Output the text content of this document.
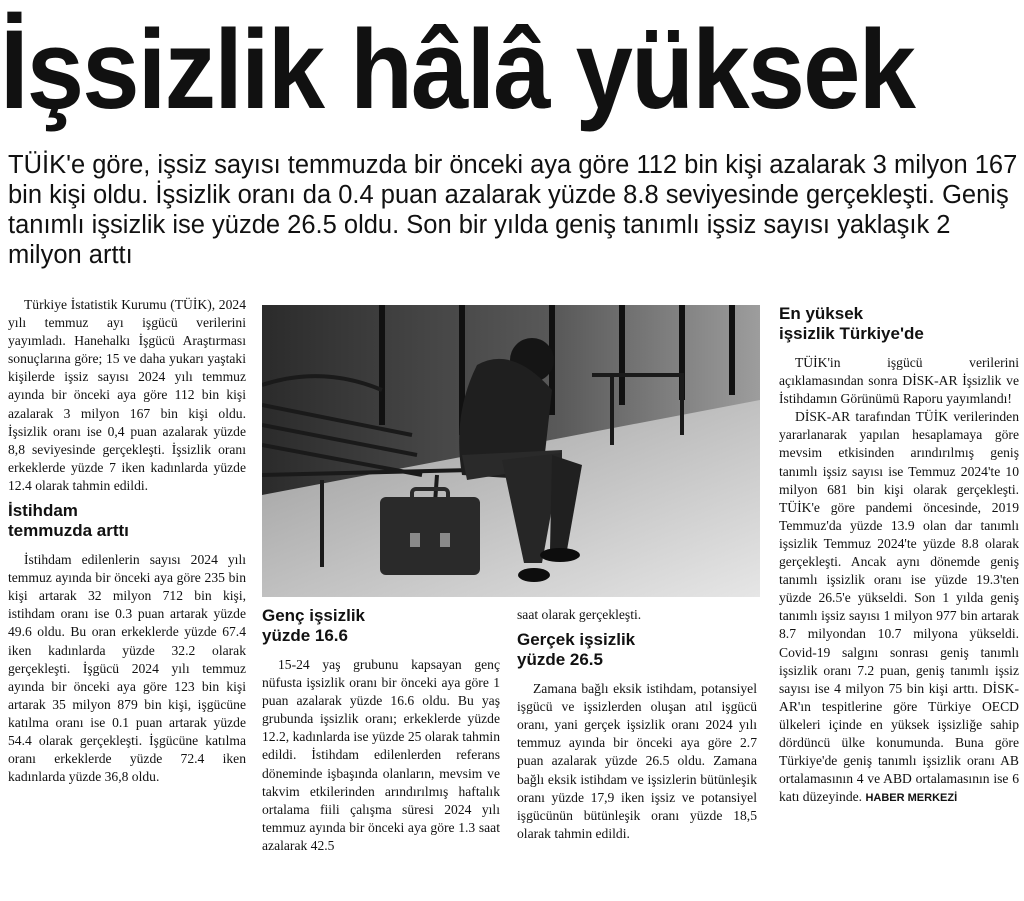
İşsizlik hâlâ yüksek

TÜİK'e göre, işsiz sayısı temmuzda bir önceki aya göre 112 bin kişi azalarak 3 milyon 167 bin kişi oldu. İşsizlik oranı da 0.4 puan azalarak yüzde 8.8 seviyesinde gerçekleşti. Geniş tanımlı işsizlik ise yüzde 26.5 oldu. Son bir yılda geniş tanımlı işsiz sayısı yaklaşık 2 milyon arttı

Türkiye İstatistik Kurumu (TÜİK), 2024 yılı temmuz ayı işgücü verilerini yayımladı. Hanehalkı İşgücü Araştırması sonuçlarına göre; 15 ve daha yukarı yaştaki kişilerde işsiz sayısı 2024 yılı temmuz ayında bir önceki aya göre 112 bin kişi azalarak 3 milyon 167 bin kişi oldu. İşsizlik oranı ise 0,4 puan azalarak yüzde 8,8 seviyesinde gerçekleşti. İşsizlik oranı erkeklerde yüzde 7 iken kadınlarda yüzde 12.4 olarak tahmin edildi.

İstihdam
temmuzda arttı

İstihdam edilenlerin sayısı 2024 yılı temmuz ayında bir önceki aya göre 235 bin kişi artarak 32 milyon 712 bin kişi, istihdam oranı ise 0.3 puan artarak yüzde 49.6 oldu. Bu oran erkeklerde yüzde 67.4 iken kadınlarda yüzde 32.2 olarak gerçekleşti. İşgücü 2024 yılı temmuz ayında bir önceki aya göre 123 bin kişi artarak 35 milyon 879 bin kişi, işgücüne katılma oranı ise 0.1 puan artarak yüzde 54.4 olarak gerçekleşti. İşgücüne katılma oranı erkeklerde yüzde 72.4 iken kadınlarda yüzde 36,8 oldu.

Genç işsizlik
yüzde 16.6

15-24 yaş grubunu kapsayan genç nüfusta işsizlik oranı bir önceki aya göre 1 puan azalarak yüzde 16.6 oldu. Bu yaş grubunda işsizlik oranı; erkeklerde yüzde 12.2, kadınlarda ise yüzde 25 olarak tahmin edildi. İstihdam edilenlerden referans döneminde işbaşında olanların, mevsim ve takvim etkilerinden arındırılmış haftalık ortalama fiili çalışma süresi 2024 yılı temmuz ayında bir önceki aya göre 1.3 saat azalarak 42.5

saat olarak gerçekleşti.

Gerçek işsizlik
yüzde 26.5

Zamana bağlı eksik istihdam, potansiyel işgücü ve işsizlerden oluşan atıl işgücü oranı, yani gerçek işsizlik oranı 2024 yılı temmuz ayında bir önceki aya göre 2.7 puan azalarak yüzde 26.5 oldu. Zamana bağlı eksik istihdam ve işsizlerin bütünleşik oranı yüzde 17,9 iken işsiz ve potansiyel işgücünün bütünleşik oranı yüzde 18,5 olarak tahmin edildi.

En yüksek
işsizlik Türkiye'de

TÜİK'in işgücü verilerini açıklamasından sonra DİSK-AR İşsizlik ve İstihdamın Görünümü Raporu yayımlandı!

DİSK-AR tarafından TÜİK verilerinden yararlanarak yapılan hesaplamaya göre mevsim etkisinden arındırılmış geniş tanımlı işsiz sayısı ise Temmuz 2024'te 10 milyon 681 bin kişi olarak gerçekleşti. TÜİK'e göre pandemi öncesinde, 2019 Temmuz'da yüzde 13.9 olan dar tanımlı işsizlik Temmuz 2024'te yüzde 8.8 olarak gerçekleşti. Ancak aynı dönemde geniş tanımlı işsizlik oranı ise yüzde 19.3'ten yüzde 26.5'e yükseldi. Son 1 yılda geniş tanımlı işsiz sayısı 1 milyon 977 bin artarak 8.7 milyondan 10.7 milyona yükseldi. Covid-19 salgını sonrası geniş tanımlı işsizlik oranı 7.2 puan, geniş tanımlı işsiz sayısı ise 4 milyon 75 bin kişi arttı. DİSK-AR'ın tespitlerine göre Türkiye OECD ülkeleri içinde en yüksek işsizliğe sahip dördüncü ülke konumunda. Buna göre Türkiye'de geniş tanımlı işsizlik oranı AB ortalamasının 4 ve ABD ortalamasının ise 6 katı düzeyinde. HABER MERKEZİ
